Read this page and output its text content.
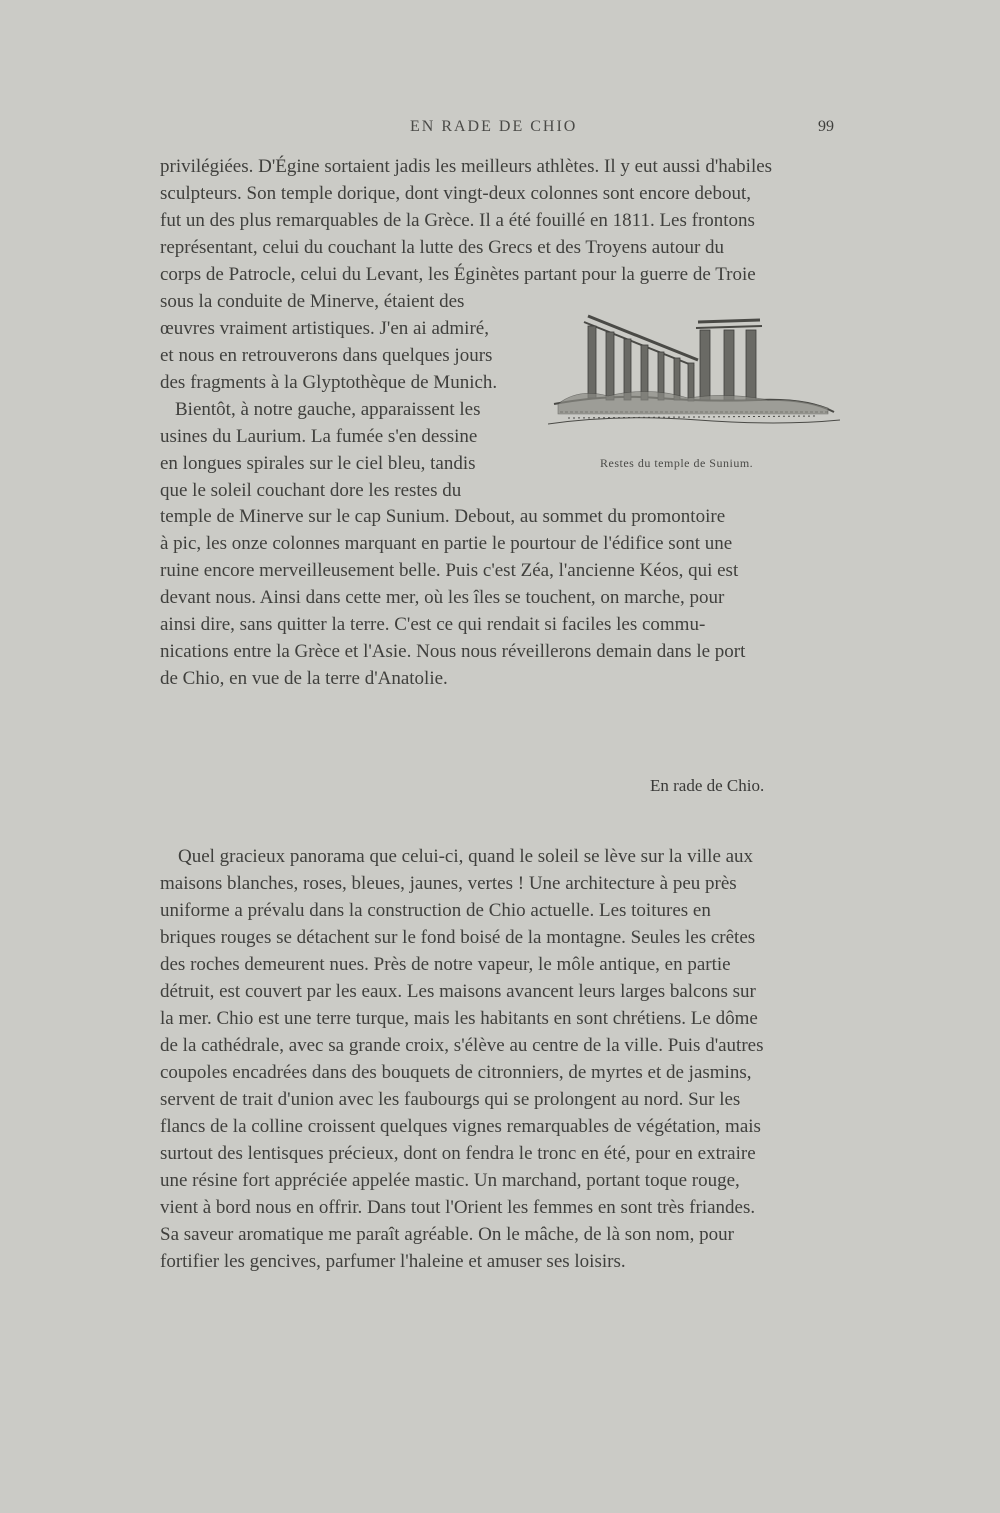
EN RADE DE CHIO	99
privilégiées. D'Égine sortaient jadis les meilleurs athlètes. Il y eut aussi d'habiles
sculpteurs. Son temple dorique, dont vingt-deux colonnes sont encore debout,
fut un des plus remarquables de la Grèce. Il a été fouillé en 1811. Les frontons
représentant, celui du couchant la lutte des Grecs et des Troyens autour du
corps de Patrocle, celui du Levant, les Éginètes partant pour la guerre de Troie
sous la conduite de Minerve, étaient des
œuvres vraiment artistiques. J'en ai admiré,
et nous en retrouverons dans quelques jours
des fragments à la Glyptothèque de Munich.
Bientôt, à notre gauche, apparaissent les
usines du Laurium. La fumée s'en dessine
en longues spirales sur le ciel bleu, tandis
que le soleil couchant dore les restes du
temple de Minerve sur le cap Sunium. Debout, au sommet du promontoire
à pic, les onze colonnes marquant en partie le pourtour de l'édifice sont une
ruine encore merveilleusement belle. Puis c'est Zéa, l'ancienne Kéos, qui est
devant nous. Ainsi dans cette mer, où les îles se touchent, on marche, pour
ainsi dire, sans quitter la terre. C'est ce qui rendait si faciles les commu-
nications entre la Grèce et l'Asie. Nous nous réveillerons demain dans le port
de Chio, en vue de la terre d'Anatolie.
Restes du temple de Sunium.
En rade de Chio.
Quel gracieux panorama que celui-ci, quand le soleil se lève sur la ville aux
maisons blanches, roses, bleues, jaunes, vertes ! Une architecture à peu près
uniforme a prévalu dans la construction de Chio actuelle. Les toitures en
briques rouges se détachent sur le fond boisé de la montagne. Seules les crêtes
des roches demeurent nues. Près de notre vapeur, le môle antique, en partie
détruit, est couvert par les eaux. Les maisons avancent leurs larges balcons sur
la mer. Chio est une terre turque, mais les habitants en sont chrétiens. Le dôme
de la cathédrale, avec sa grande croix, s'élève au centre de la ville. Puis d'autres
coupoles encadrées dans des bouquets de citronniers, de myrtes et de jasmins,
servent de trait d'union avec les faubourgs qui se prolongent au nord. Sur les
flancs de la colline croissent quelques vignes remarquables de végétation, mais
surtout des lentisques précieux, dont on fendra le tronc en été, pour en extraire
une résine fort appréciée appelée mastic. Un marchand, portant toque rouge,
vient à bord nous en offrir. Dans tout l'Orient les femmes en sont très friandes.
Sa saveur aromatique me paraît agréable. On le mâche, de là son nom, pour
fortifier les gencives, parfumer l'haleine et amuser ses loisirs.
